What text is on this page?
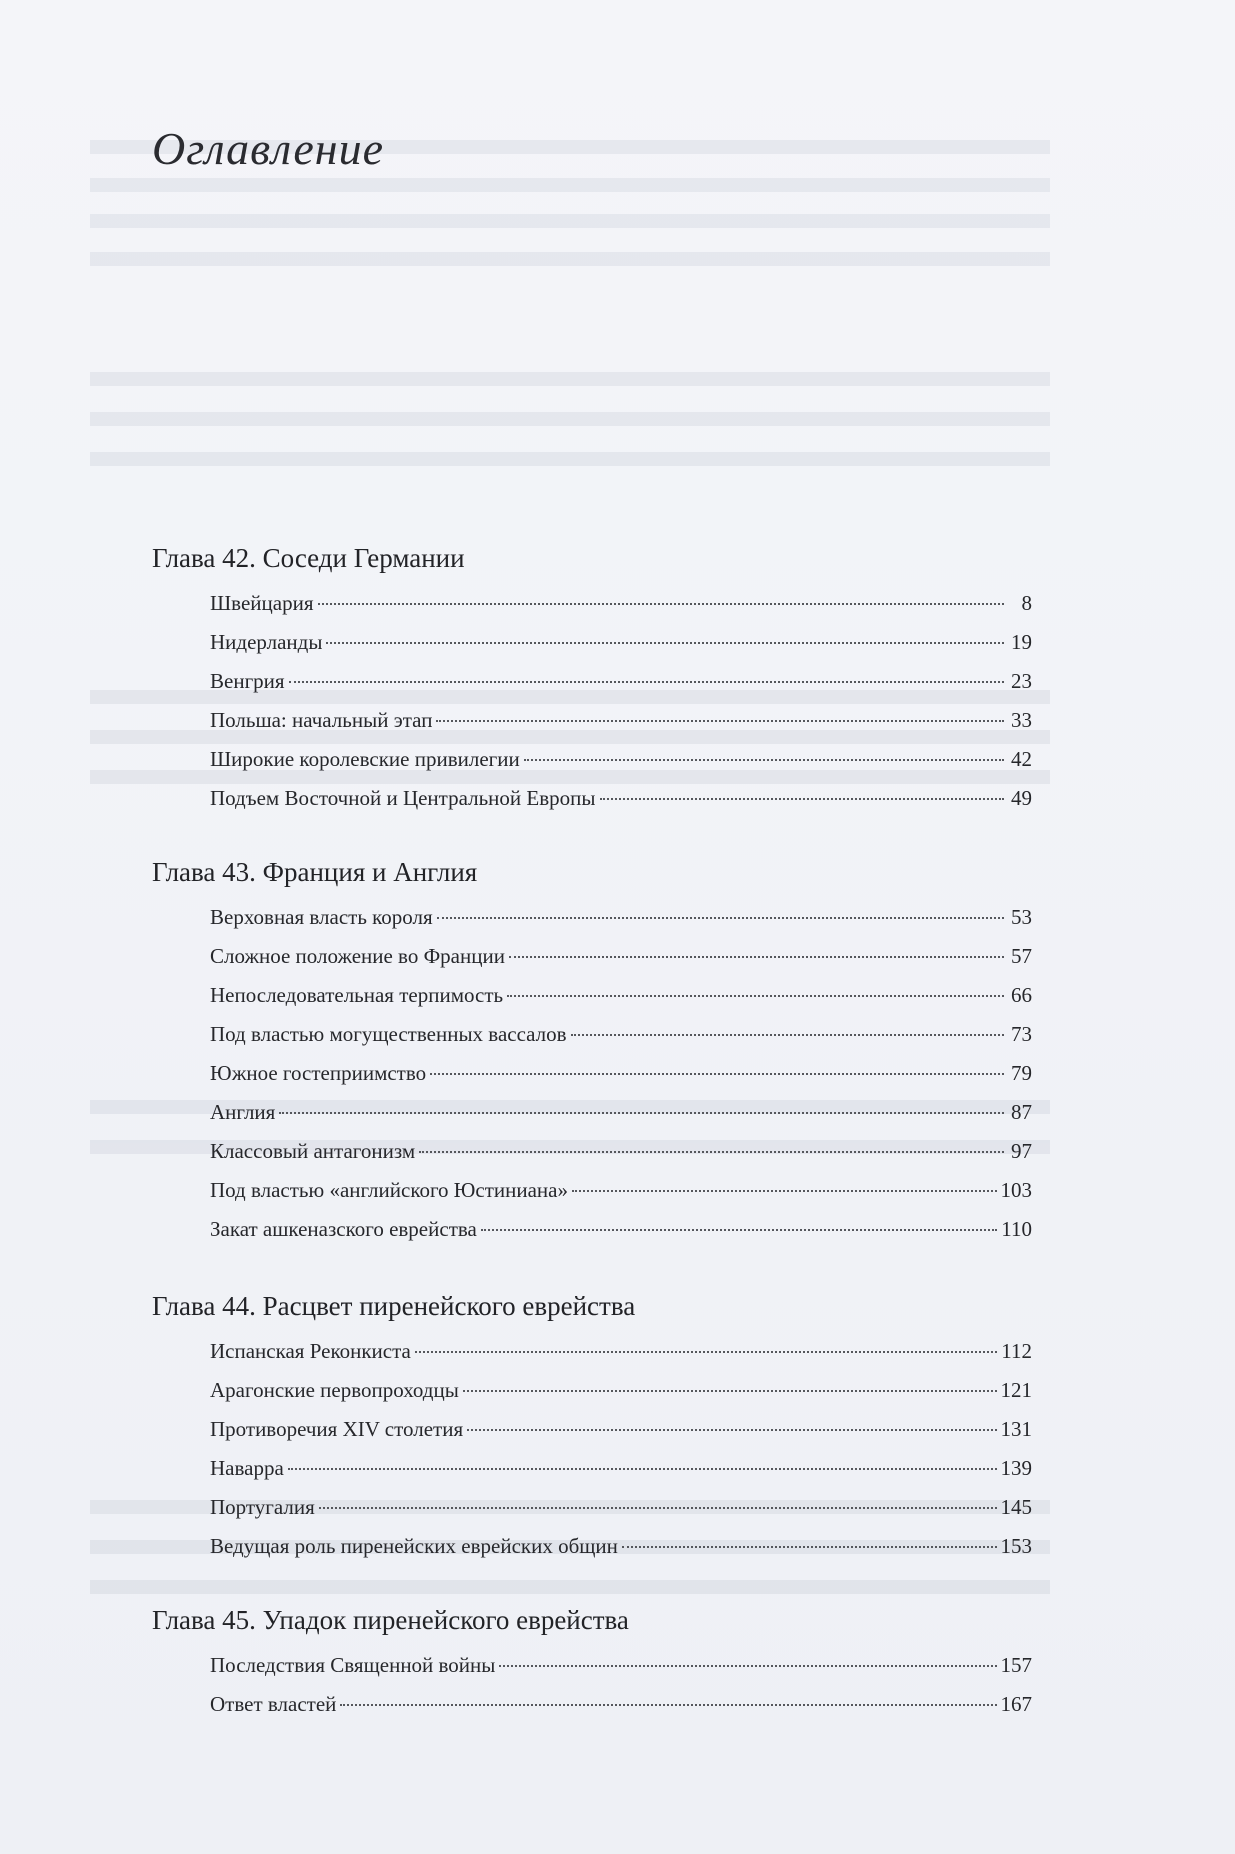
Оглавление
Глава 42. Соседи Германии
Швейцария	8
Нидерланды	19
Венгрия	23
Польша: начальный этап	33
Широкие королевские привилегии	42
Подъем Восточной и Центральной Европы	49
Глава 43. Франция и Англия
Верховная власть короля	53
Сложное положение во Франции	57
Непоследовательная терпимость	66
Под властью могущественных вассалов	73
Южное гостеприимство	79
Англия	87
Классовый антагонизм	97
Под властью «английского Юстиниана»	103
Закат ашкеназского еврейства	110
Глава 44. Расцвет пиренейского еврейства
Испанская Реконкиста	112
Арагонские первопроходцы	121
Противоречия XIV столетия	131
Наварра	139
Португалия	145
Ведущая роль пиренейских еврейских общин	153
Глава 45. Упадок пиренейского еврейства
Последствия Священной войны	157
Ответ властей	167
